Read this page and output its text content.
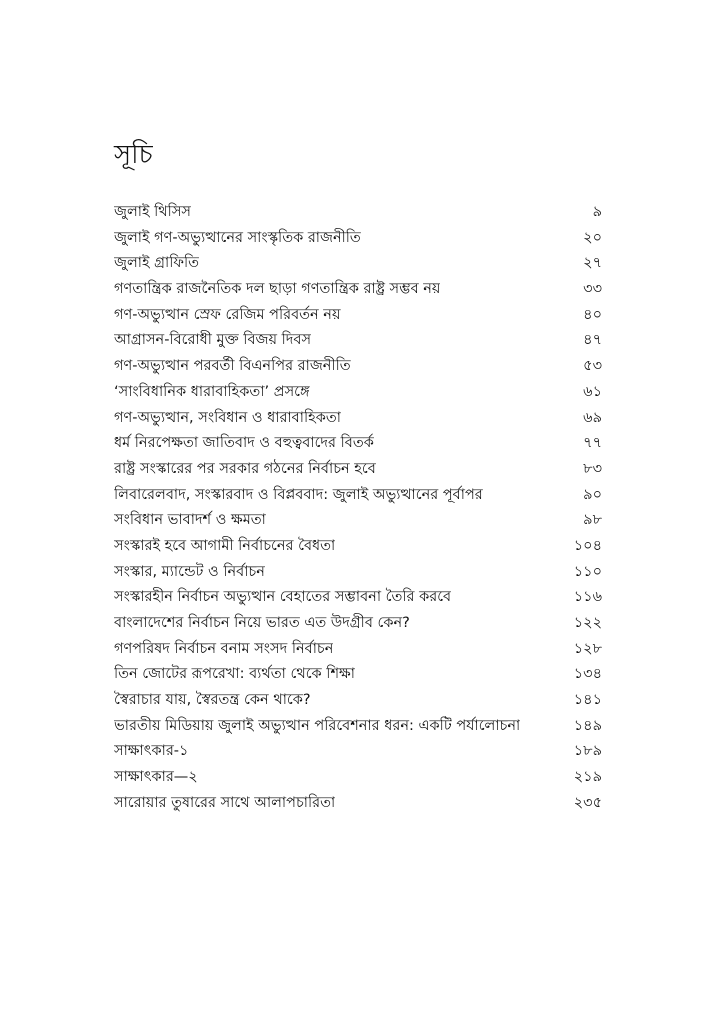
সূচি
জুলাই থিসিস	৯
জুলাই গণ-অভ্যুত্থানের সাংস্কৃতিক রাজনীতি	২০
জুলাই গ্রাফিতি	২৭
গণতান্ত্রিক রাজনৈতিক দল ছাড়া গণতান্ত্রিক রাষ্ট্র সম্ভব নয়	৩৩
গণ-অভ্যুত্থান স্রেফ রেজিম পরিবর্তন নয়	৪০
আগ্রাসন-বিরোধী মুক্ত বিজয় দিবস	৪৭
গণ-অভ্যুত্থান পরবর্তী বিএনপির রাজনীতি	৫৩
‘সাংবিধানিক ধারাবাহিকতা’ প্রসঙ্গে	৬১
গণ-অভ্যুত্থান, সংবিধান ও ধারাবাহিকতা	৬৯
ধর্ম নিরপেক্ষতা জাতিবাদ ও বহুত্ববাদের বিতর্ক	৭৭
রাষ্ট্র সংস্কারের পর সরকার গঠনের নির্বাচন হবে	৮৩
লিবারেলবাদ, সংস্কারবাদ ও বিপ্লববাদ: জুলাই অভ্যুত্থানের পূর্বাপর	৯০
সংবিধান ভাবাদর্শ ও ক্ষমতা	৯৮
সংস্কারই হবে আগামী নির্বাচনের বৈধতা	১০৪
সংস্কার, ম্যান্ডেট ও নির্বাচন	১১০
সংস্কারহীন নির্বাচন অভ্যুত্থান বেহাতের সম্ভাবনা তৈরি করবে	১১৬
বাংলাদেশের নির্বাচন নিয়ে ভারত এত উদগ্রীব কেন?	১২২
গণপরিষদ নির্বাচন বনাম সংসদ নির্বাচন	১২৮
তিন জোটের রূপরেখা: ব্যর্থতা থেকে শিক্ষা	১৩৪
স্বৈরাচার যায়, স্বৈরতন্ত্র কেন থাকে?	১৪১
ভারতীয় মিডিয়ায় জুলাই অভ্যুত্থান পরিবেশনার ধরন: একটি পর্যালোচনা	১৪৯
সাক্ষাৎকার-১	১৮৯
সাক্ষাৎকার—২	২১৯
সারোয়ার তুষারের সাথে আলাপচারিতা	২৩৫
